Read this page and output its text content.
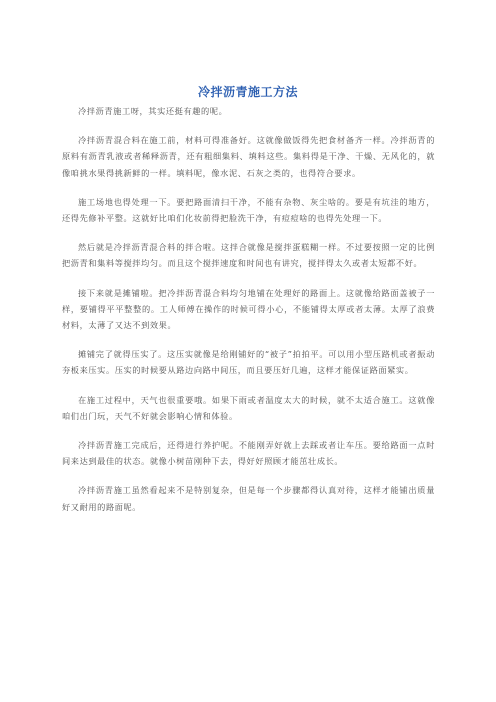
冷拌沥青施工方法

冷拌沥青施工呀，其实还挺有趣的呢。

冷拌沥青混合料在施工前，材料可得准备好。这就像做饭得先把食材备齐一样。冷拌沥青的原料有沥青乳液或者稀释沥青，还有粗细集料、填料这些。集料得是干净、干燥、无风化的，就像咱挑水果得挑新鲜的一样。填料呢，像水泥、石灰之类的，也得符合要求。

施工场地也得处理一下。要把路面清扫干净，不能有杂物、灰尘啥的。要是有坑洼的地方，还得先修补平整。这就好比咱们化妆前得把脸洗干净，有痘痘啥的也得先处理一下。

然后就是冷拌沥青混合料的拌合啦。这拌合就像是搅拌蛋糕糊一样。不过要按照一定的比例把沥青和集料等搅拌均匀。而且这个搅拌速度和时间也有讲究，搅拌得太久或者太短都不好。

接下来就是摊铺啦。把冷拌沥青混合料均匀地铺在处理好的路面上。这就像给路面盖被子一样，要铺得平平整整的。工人师傅在操作的时候可得小心，不能铺得太厚或者太薄。太厚了浪费材料，太薄了又达不到效果。

摊铺完了就得压实了。这压实就像是给刚铺好的“被子”拍拍平。可以用小型压路机或者振动夯板来压实。压实的时候要从路边向路中间压，而且要压好几遍，这样才能保证路面紧实。

在施工过程中，天气也很重要哦。如果下雨或者温度太大的时候，就不太适合施工。这就像咱们出门玩，天气不好就会影响心情和体验。

冷拌沥青施工完成后，还得进行养护呢。不能刚弄好就上去踩或者让车压。要给路面一点时间来达到最佳的状态。就像小树苗刚种下去，得好好照顾才能茁壮成长。

冷拌沥青施工虽然看起来不是特别复杂，但是每一个步骤都得认真对待，这样才能铺出质量好又耐用的路面呢。
